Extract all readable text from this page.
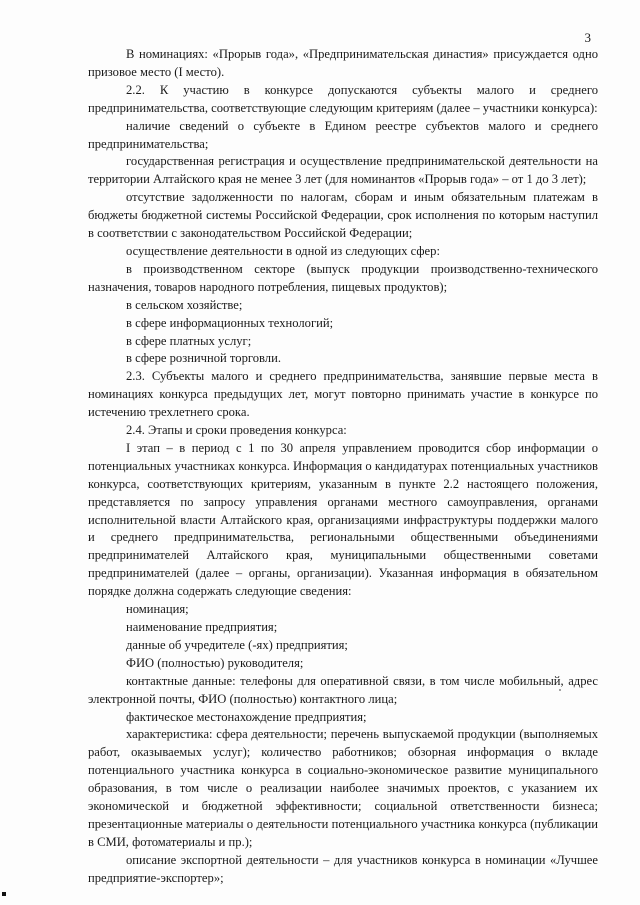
3

В номинациях: «Прорыв года», «Предпринимательская династия» присуждается одно призовое место (I место).

2.2. К участию в конкурсе допускаются субъекты малого и среднего предпринимательства, соответствующие следующим критериям (далее – участники конкурса):

наличие сведений о субъекте в Едином реестре субъектов малого и среднего предпринимательства;

государственная регистрация и осуществление предпринимательской деятельности на территории Алтайского края не менее 3 лет (для номинантов «Прорыв года» – от 1 до 3 лет);

отсутствие задолженности по налогам, сборам и иным обязательным платежам в бюджеты бюджетной системы Российской Федерации, срок исполнения по которым наступил в соответствии с законодательством Российской Федерации;

осуществление деятельности в одной из следующих сфер:

в производственном секторе (выпуск продукции производственно-технического назначения, товаров народного потребления, пищевых продуктов);

в сельском хозяйстве;

в сфере информационных технологий;

в сфере платных услуг;

в сфере розничной торговли.

2.3. Субъекты малого и среднего предпринимательства, занявшие первые места в номинациях конкурса предыдущих лет, могут повторно принимать участие в конкурсе по истечению трехлетнего срока.

2.4. Этапы и сроки проведения конкурса:

I этап – в период с 1 по 30 апреля управлением проводится сбор информации о потенциальных участниках конкурса. Информация о кандидатурах потенциальных участников конкурса, соответствующих критериям, указанным в пункте 2.2 настоящего положения, представляется по запросу управления органами местного самоуправления, органами исполнительной власти Алтайского края, организациями инфраструктуры поддержки малого и среднего предпринимательства, региональными общественными объединениями предпринимателей Алтайского края, муниципальными общественными советами предпринимателей (далее – органы, организации). Указанная информация в обязательном порядке должна содержать следующие сведения:

номинация;

наименование предприятия;

данные об учредителе (-ях) предприятия;

ФИО (полностью) руководителя;

контактные данные: телефоны для оперативной связи, в том числе мобильный, адрес электронной почты, ФИО (полностью) контактного лица;

фактическое местонахождение предприятия;

характеристика: сфера деятельности; перечень выпускаемой продукции (выполняемых работ, оказываемых услуг); количество работников; обзорная информация о вкладе потенциального участника конкурса в социально-экономическое развитие муниципального образования, в том числе о реализации наиболее значимых проектов, с указанием их экономической и бюджетной эффективности; социальной ответственности бизнеса; презентационные материалы о деятельности потенциального участника конкурса (публикации в СМИ, фотоматериалы и пр.);

описание экспортной деятельности – для участников конкурса в номинации «Лучшее предприятие-экспортер»;
